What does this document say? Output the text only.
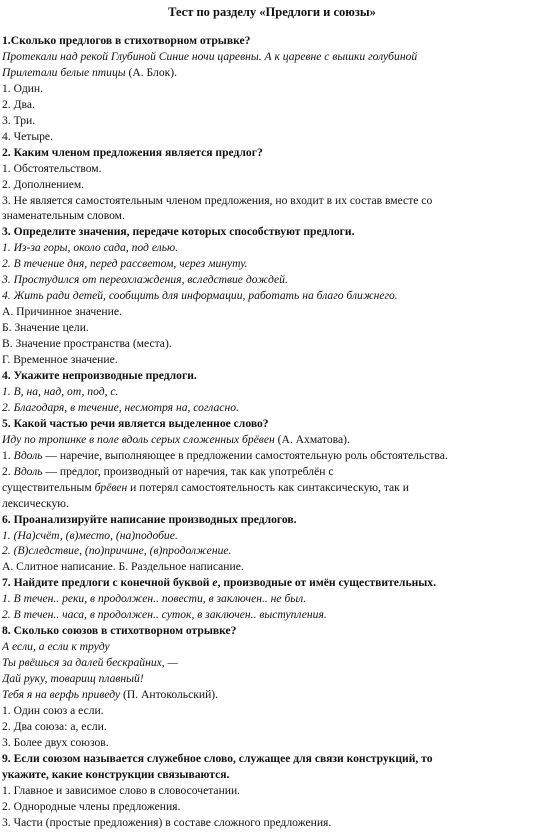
Тест по разделу «Предлоги и союзы»
1.Сколько предлогов в стихотворном отрывке?
Протекали над рекой Глубиной Синие ночи царевны. А к царевне с вышки голубиной
Прилетали белые птицы (А. Блок).
1. Один.
2. Два.
3. Три.
4. Четыре.
2. Каким членом предложения является предлог?
1. Обстоятельством.
2. Дополнением.
3. Не является самостоятельным членом предложения, но входит в их состав вместе со
знаменательным словом.
3. Определите значения, передаче которых способствуют предлоги.
1. Из-за горы, около сада, под елью.
2. В течение дня, перед рассветом, через минуту.
3. Простудился от переохлаждения, вследствие дождей.
4. Жить ради детей, сообщить для информации, работать на благо ближнего.
А. Причинное значение.
Б. Значение цели.
В. Значение пространства (места).
Г. Временное значение.
4. Укажите непроизводные предлоги.
1. В, на, над, от, под, с.
2. Благодаря, в течение, несмотря на, согласно.
5. Какой частью речи является выделенное слово?
Иду по тропинке в поле вдоль серых сложенных брёвен (А. Ахматова).
1. Вдоль — наречие, выполняющее в предложении самостоятельную роль обстоятельства.
2. Вдоль — предлог, производный от наречия, так как употреблён с
существительным брёвен и потерял самостоятельность как синтаксическую, так и
лексическую.
6. Проанализируйте написание производных предлогов.
1. (На)счёт, (в)место, (на)подобие.
2. (В)следствие, (по)причине, (в)продолжение.
А. Слитное написание. Б. Раздельное написание.
7. Найдите предлоги с конечной буквой е, производные от имён существительных.
1. В течен.. реки, в продолжен.. повести, в заключен.. не был.
2. В течен.. часа, в продолжен.. суток, в заключен.. выступления.
8. Сколько союзов в стихотворном отрывке?
А если, а если к труду
Ты рвёшься за далей бескрайних, —
Дай руку, товарищ плавный!
Тебя я на верфь приведу (П. Антокольский).
1. Один союз а если.
2. Два союза: а, если.
3. Более двух союзов.
9. Если союзом называется служебное слово, служащее для связи конструкций, то
укажите, какие конструкции связываются.
1. Главное и зависимое слово в словосочетании.
2. Однородные члены предложения.
3. Части (простые предложения) в составе сложного предложения.
